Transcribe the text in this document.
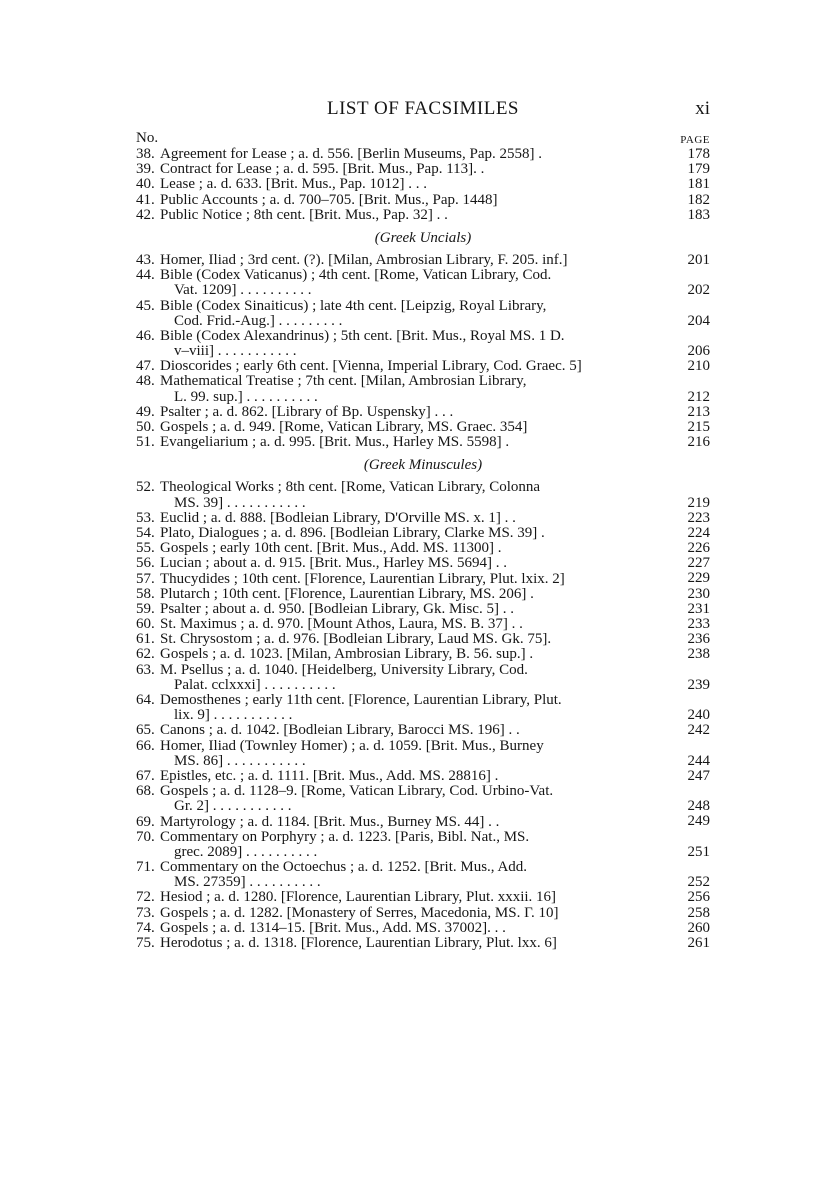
LIST OF FACSIMILES	xi
No.	PAGE
38. Agreement for Lease ; a. d. 556. [Berlin Museums, Pap. 2558] .	178
39. Contract for Lease ; a. d. 595. [Brit. Mus., Pap. 113]. .	179
40. Lease ; a. d. 633. [Brit. Mus., Pap. 1012] . . .	181
41. Public Accounts ; a. d. 700–705. [Brit. Mus., Pap. 1448]	182
42. Public Notice ; 8th cent. [Brit. Mus., Pap. 32] . .	183
(Greek Uncials)
43. Homer, Iliad ; 3rd cent. (?). [Milan, Ambrosian Library, F. 205. inf.]	201
44. Bible (Codex Vaticanus) ; 4th cent. [Rome, Vatican Library, Cod.
Vat. 1209] . . . . . . . . . .	202
45. Bible (Codex Sinaiticus) ; late 4th cent. [Leipzig, Royal Library,
Cod. Frid.-Aug.] . . . . . . . . .	204
46. Bible (Codex Alexandrinus) ; 5th cent. [Brit. Mus., Royal MS. 1 D.
v–viii] . . . . . . . . . . .	206
47. Dioscorides ; early 6th cent. [Vienna, Imperial Library, Cod. Graec. 5]	210
48. Mathematical Treatise ; 7th cent. [Milan, Ambrosian Library,
L. 99. sup.] . . . . . . . . . .	212
49. Psalter ; a. d. 862. [Library of Bp. Uspensky] . . .	213
50. Gospels ; a. d. 949. [Rome, Vatican Library, MS. Graec. 354]	215
51. Evangeliarium ; a. d. 995. [Brit. Mus., Harley MS. 5598] .	216
(Greek Minuscules)
52. Theological Works ; 8th cent. [Rome, Vatican Library, Colonna
MS. 39] . . . . . . . . . . .	219
53. Euclid ; a. d. 888. [Bodleian Library, D'Orville MS. x. 1] . .	223
54. Plato, Dialogues ; a. d. 896. [Bodleian Library, Clarke MS. 39] .	224
55. Gospels ; early 10th cent. [Brit. Mus., Add. MS. 11300] .	226
56. Lucian ; about a. d. 915. [Brit. Mus., Harley MS. 5694] . .	227
57. Thucydides ; 10th cent. [Florence, Laurentian Library, Plut. lxix. 2]	229
58. Plutarch ; 10th cent. [Florence, Laurentian Library, MS. 206] .	230
59. Psalter ; about a. d. 950. [Bodleian Library, Gk. Misc. 5] . .	231
60. St. Maximus ; a. d. 970. [Mount Athos, Laura, MS. B. 37] . .	233
61. St. Chrysostom ; a. d. 976. [Bodleian Library, Laud MS. Gk. 75].	236
62. Gospels ; a. d. 1023. [Milan, Ambrosian Library, B. 56. sup.] .	238
63. M. Psellus ; a. d. 1040. [Heidelberg, University Library, Cod.
Palat. cclxxxi] . . . . . . . . . .	239
64. Demosthenes ; early 11th cent. [Florence, Laurentian Library, Plut.
lix. 9] . . . . . . . . . . .	240
65. Canons ; a. d. 1042. [Bodleian Library, Barocci MS. 196] . .	242
66. Homer, Iliad (Townley Homer) ; a. d. 1059. [Brit. Mus., Burney
MS. 86] . . . . . . . . . . .	244
67. Epistles, etc. ; a. d. 1111. [Brit. Mus., Add. MS. 28816] .	247
68. Gospels ; a. d. 1128–9. [Rome, Vatican Library, Cod. Urbino-Vat.
Gr. 2] . . . . . . . . . . .	248
69. Martyrology ; a. d. 1184. [Brit. Mus., Burney MS. 44] . .	249
70. Commentary on Porphyry ; a. d. 1223. [Paris, Bibl. Nat., MS.
grec. 2089] . . . . . . . . . .	251
71. Commentary on the Octoechus ; a. d. 1252. [Brit. Mus., Add.
MS. 27359] . . . . . . . . . .	252
72. Hesiod ; a. d. 1280. [Florence, Laurentian Library, Plut. xxxii. 16]	256
73. Gospels ; a. d. 1282. [Monastery of Serres, Macedonia, MS. Γ. 10]	258
74. Gospels ; a. d. 1314–15. [Brit. Mus., Add. MS. 37002]. . .	260
75. Herodotus ; a. d. 1318. [Florence, Laurentian Library, Plut. lxx. 6]	261
